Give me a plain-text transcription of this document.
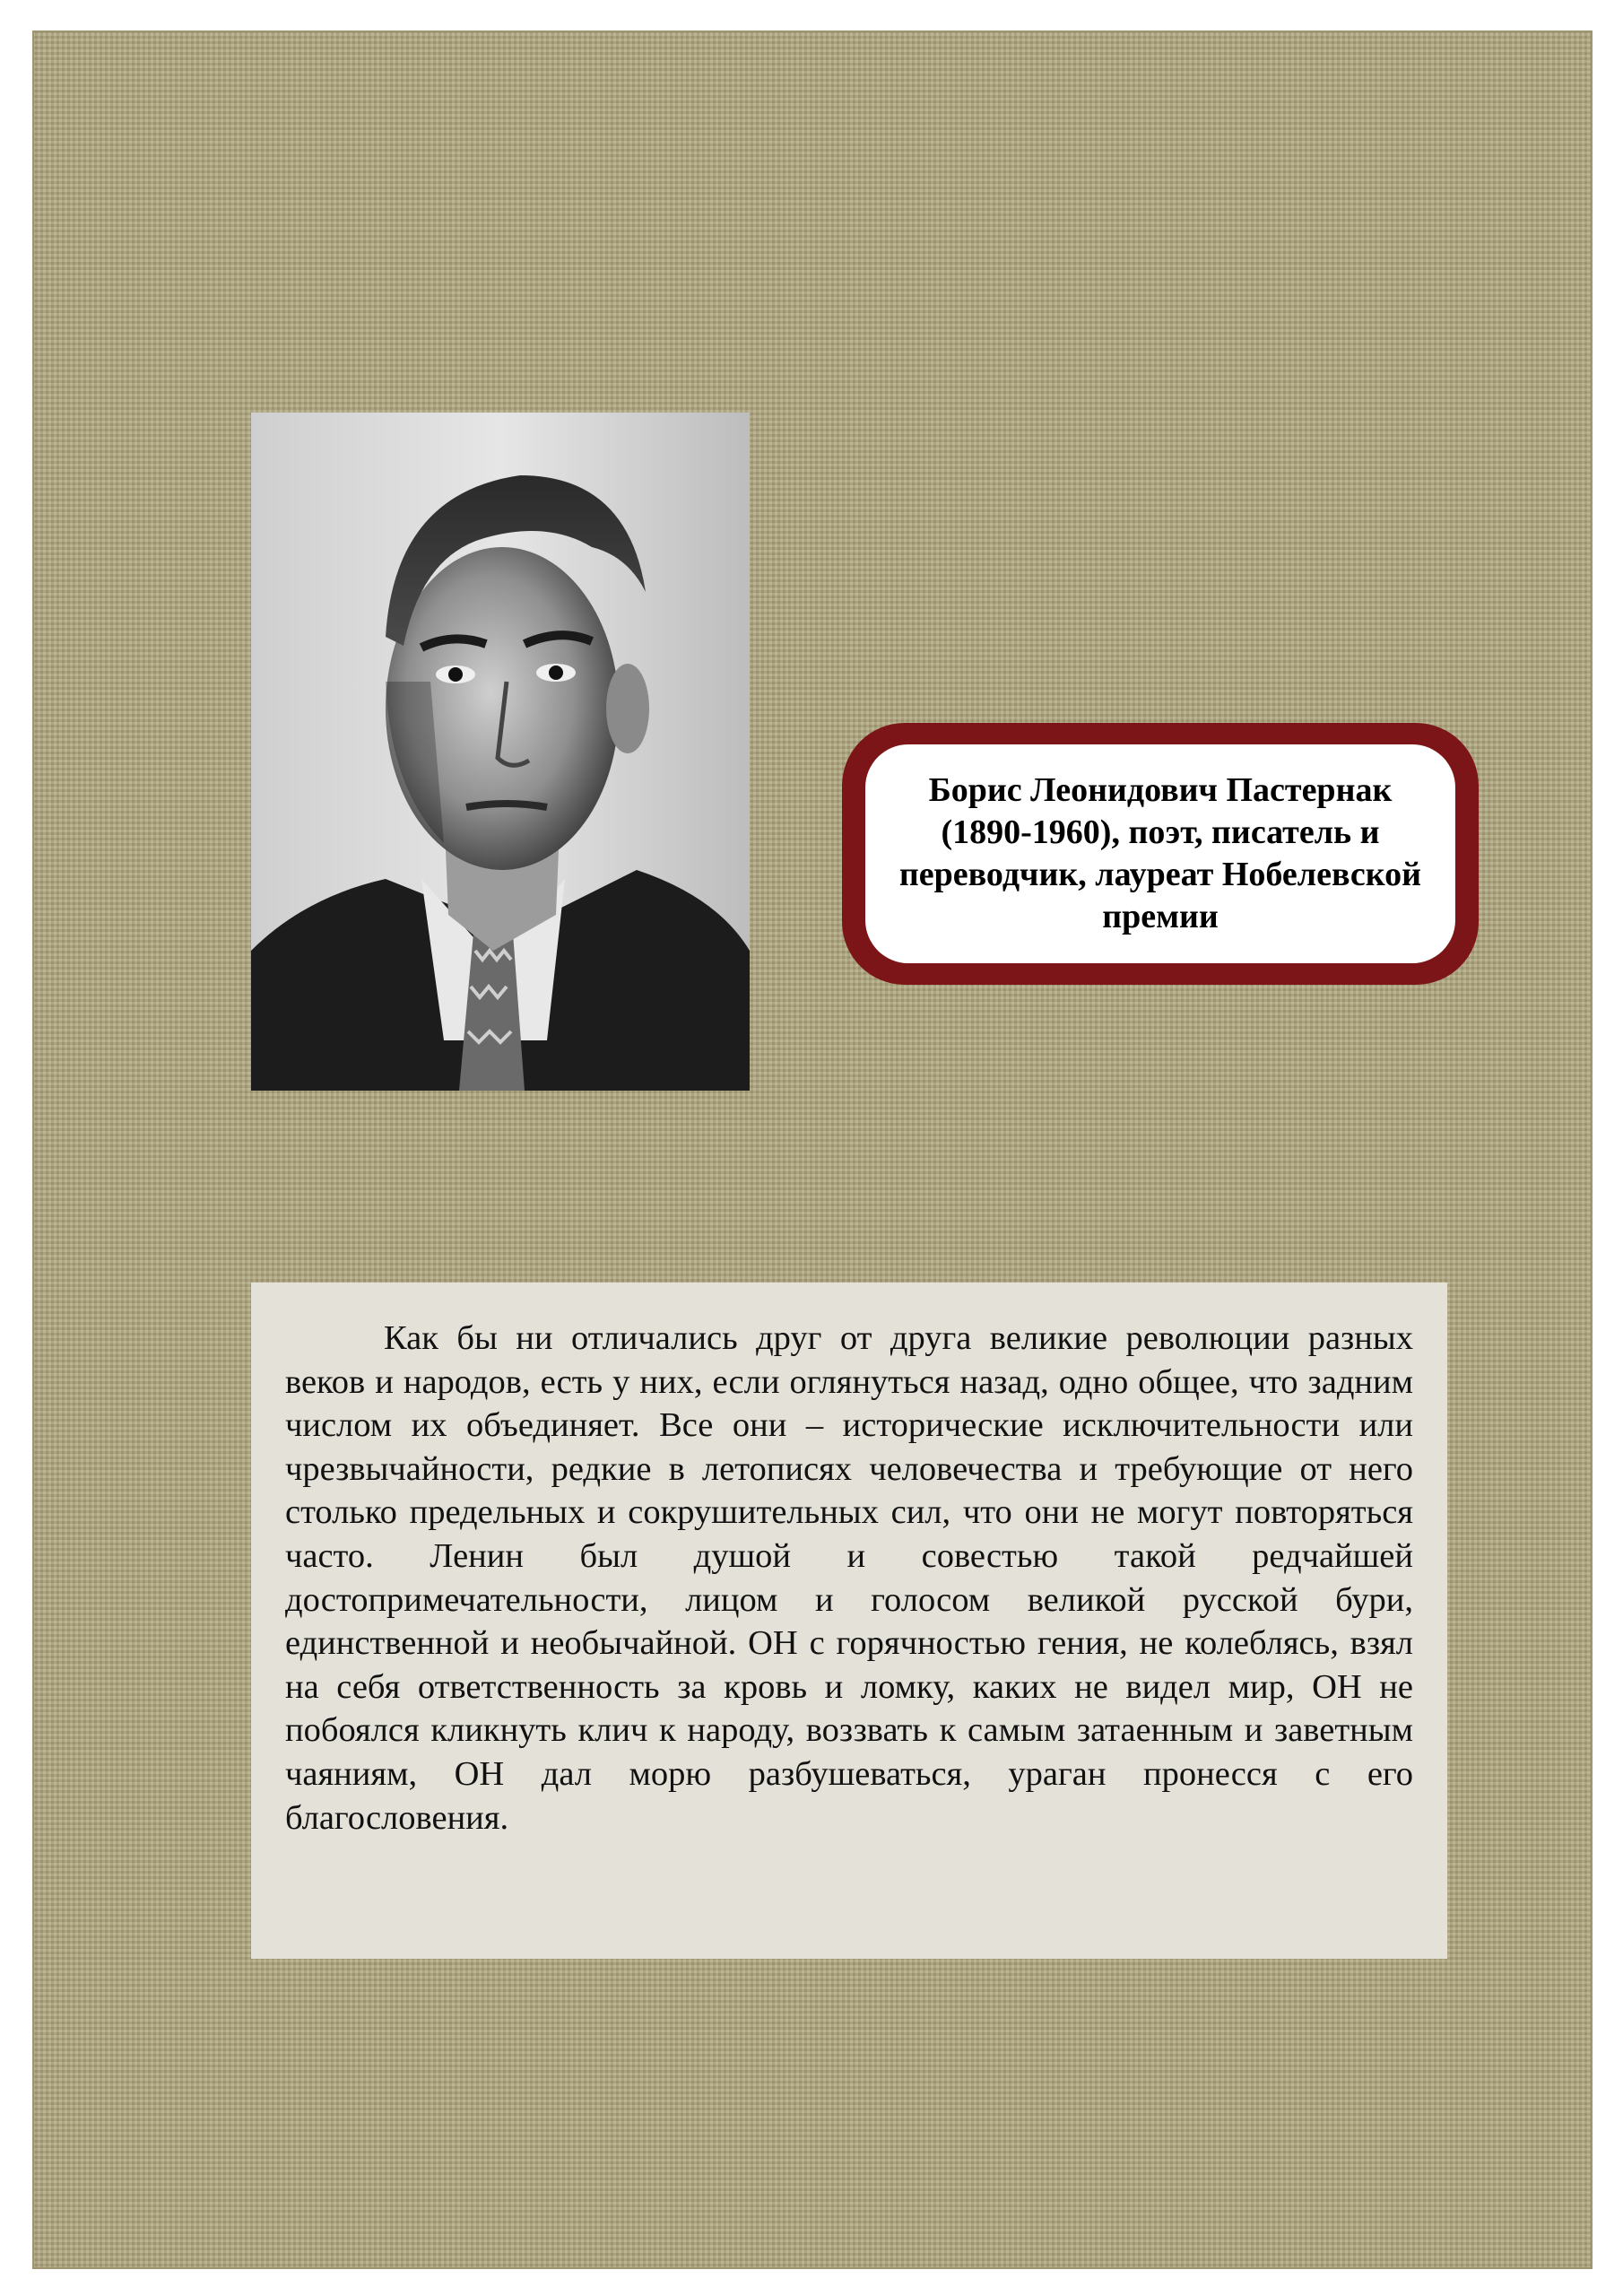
Борис Леонидович Пастернак (1890-1960), поэт, писатель и переводчик, лауреат Нобелевской премии

Как бы ни отличались друг от друга великие революции разных веков и народов, есть у них, если оглянуться назад, одно общее, что задним числом их объединяет. Все они – исторические исключительности или чрезвычайности, редкие в летописях человечества и требующие от него столько предельных и сокрушительных сил, что они не могут повторяться часто. Ленин был душой и совестью такой редчайшей достопримечательности, лицом и голосом великой русской бури, единственной и необычайной. ОН с горячностью гения, не колеблясь, взял на себя ответственность за кровь и ломку, каких не видел мир, ОН не побоялся кликнуть клич к народу, воззвать к самым затаенным и заветным чаяниям, ОН дал морю разбушеваться, ураган пронесся с его благословения.
